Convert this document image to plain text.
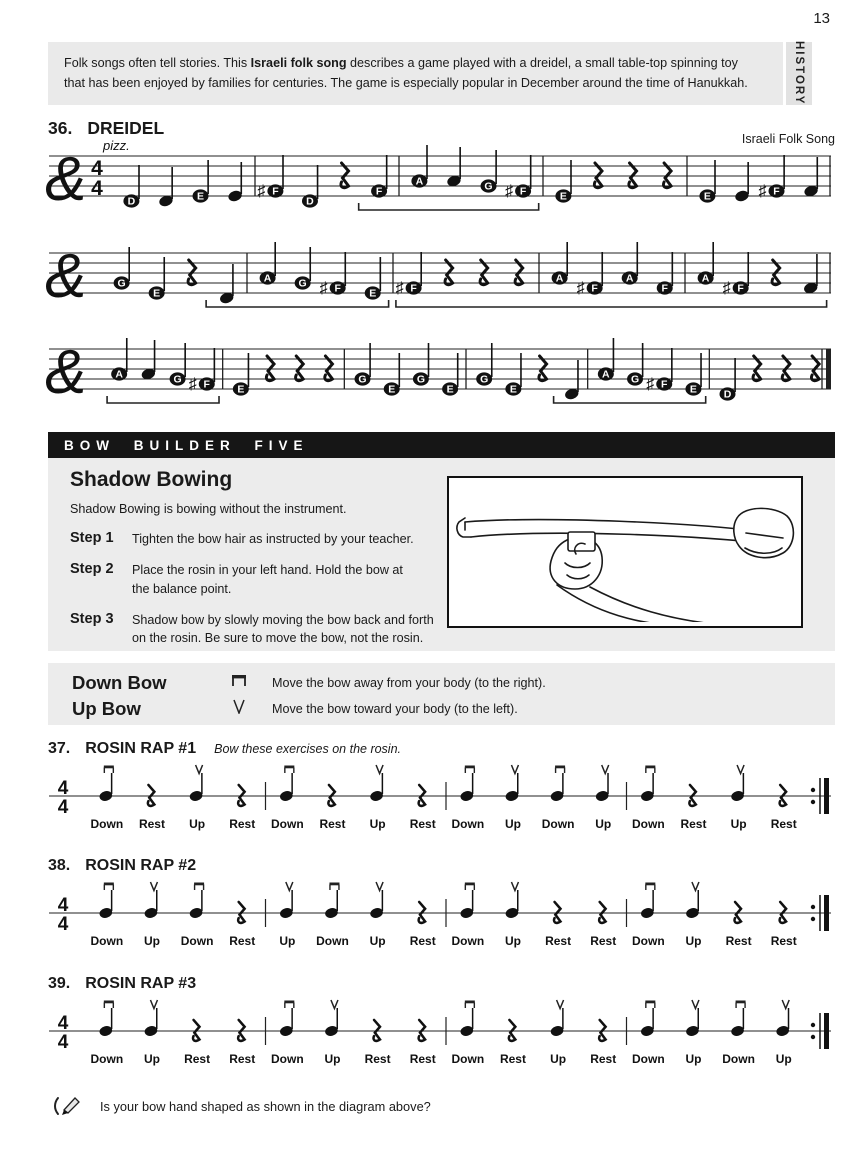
13
Folk songs often tell stories. This Israeli folk song describes a game played with a dreidel, a small table-top spinning toy
that has been enjoyed by families for centuries. The game is especially popular in December around the time of Hanukkah.	HISTORY
36. DREIDEL
Israeli Folk Song
& 4
4
pizz.
D	E	♯ F
D
F
A	G ♯ F	E	E	♯ F
&	G
E
A	G ♯ F	E ♯ F
A
♯ F
A
F
A
♯ F
&	A	G ♯ F	E
G
E
G
E
G
E
A G ♯ F E	D
BOW BUILDER FIVE
Shadow Bowing
Shadow Bowing is bowing without the instrument.
Step 1	Tighten the bow hair as instructed by your teacher.
Step 2	Place the rosin in your left hand. Hold the bow at
the balance point.
Step 3	Shadow bow by slowly moving the bow back and forth
on the rosin. Be sure to move the bow, not the rosin.
Down Bow	Move the bow away from your body (to the right).
Up Bow	Move the bow toward your body (to the left).
37. ROSIN RAP #1 Bow these exercises on the rosin.
4
4
Down Rest Up Rest Down Rest Up Rest Down Up Down Up Down Rest Up Rest
38. ROSIN RAP #2
4
4
Down Up Down Rest Up Down Up Rest Down Up Rest Rest Down Up Rest Rest
39. ROSIN RAP #3
4
4
Down Up Rest Rest Down Up Rest Rest Down Rest Up Rest Down Up Down Up
Is your bow hand shaped as shown in the diagram above?
